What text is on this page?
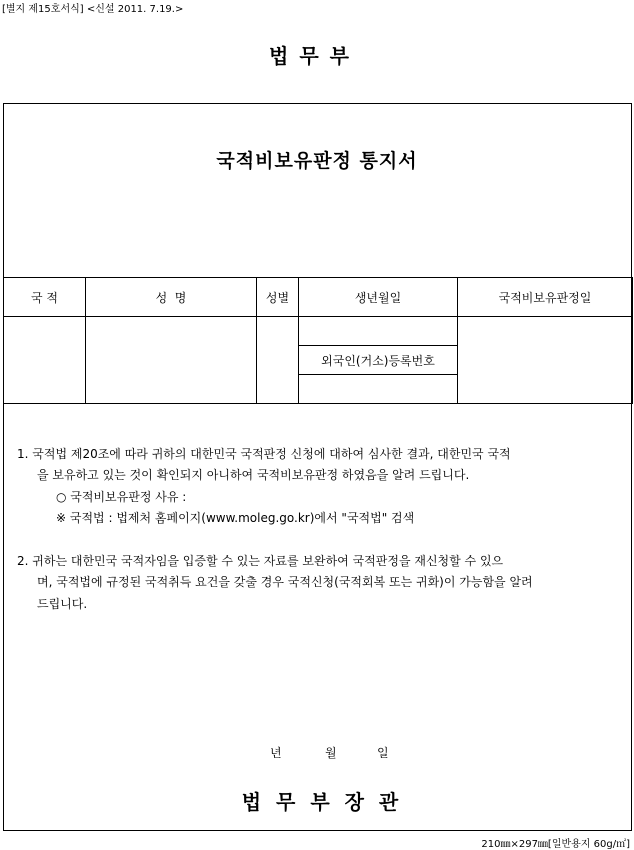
[별지 제15호서식] <신설 2011. 7.19.>
법 무 부
국적비보유판정 통지서
국 적	성  명	성별	생년월일	국적비보유판정일

			외국인(거소)등록번호	

1. 국적법 제20조에 따라 귀하의 대한민국 국적판정 신청에 대하여 심사한 결과, 대한민국 국적
을 보유하고 있는 것이 확인되지 아니하여 국적비보유판정 하였음을 알려 드립니다.
○ 국적비보유판정 사유 :
※ 국적법 : 법제처 홈페이지(www.moleg.go.kr)에서 "국적법" 검색
2. 귀하는 대한민국 국적자임을 입증할 수 있는 자료를 보완하여 국적판정을 재신청할 수 있으
며, 국적법에 규정된 국적취득 요건을 갖출 경우 국적신청(국적회복 또는 귀화)이 가능함을 알려
드립니다.
년	월	일
법 무 부 장 관
210㎜×297㎜[일반용지 60g/㎡]
